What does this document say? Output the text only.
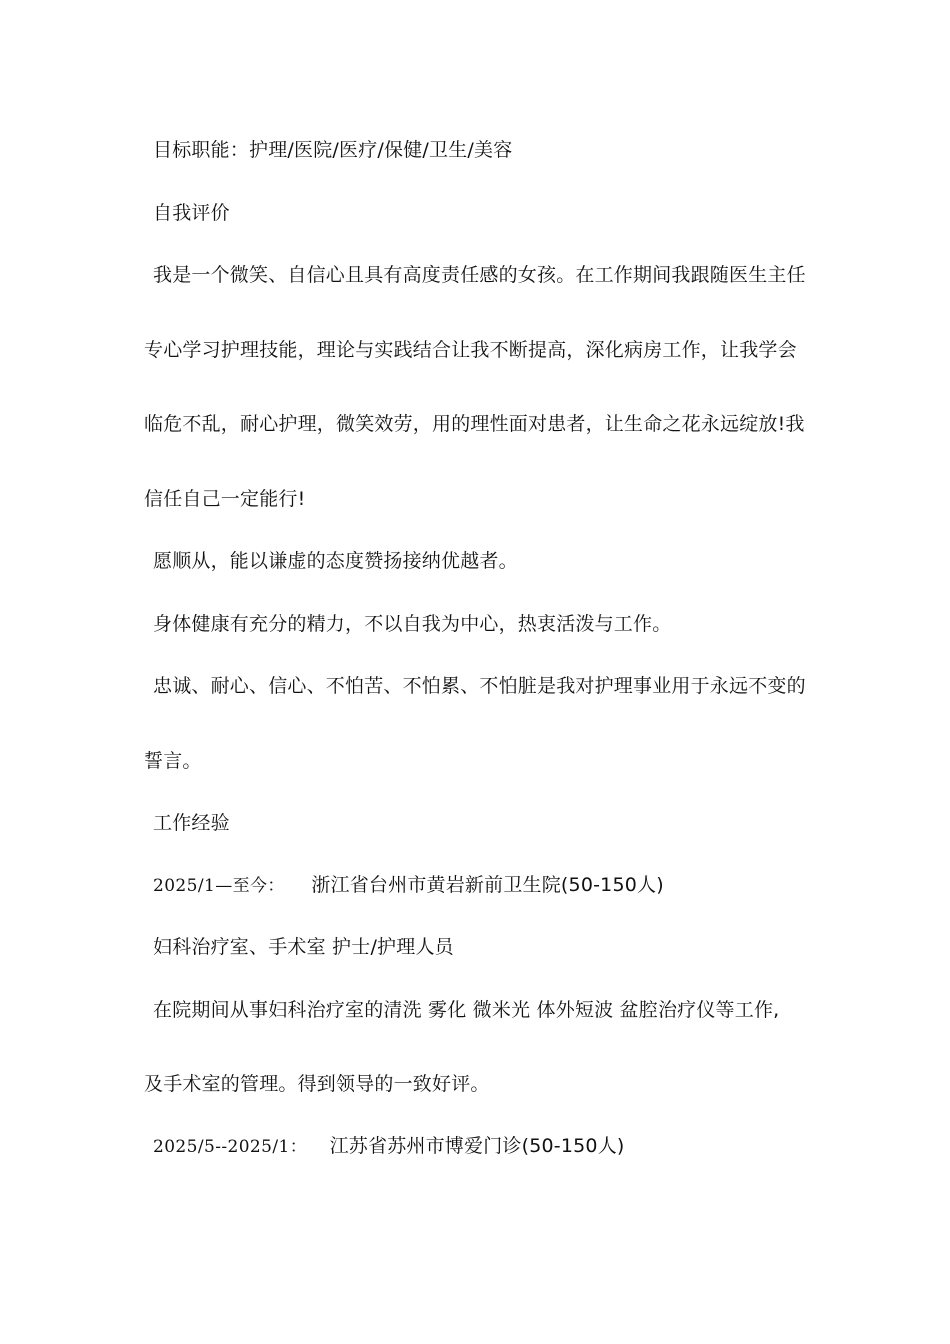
目标职能：护理/医院/医疗/保健/卫生/美容

自我评价

我是一个微笑、自信心且具有高度责任感的女孩。在工作期间我跟随医生主任

专心学习护理技能，理论与实践结合让我不断提高，深化病房工作，让我学会

临危不乱，耐心护理，微笑效劳，用的理性面对患者，让生命之花永远绽放!我

信任自己一定能行!

愿顺从，能以谦虚的态度赞扬接纳优越者。

身体健康有充分的精力，不以自我为中心，热衷活泼与工作。

忠诚、耐心、信心、不怕苦、不怕累、不怕脏是我对护理事业用于永远不变的

誓言。

工作经验

2025/1—至今： 浙江省台州市黄岩新前卫生院(50-150人)

妇科治疗室、手术室 护士/护理人员

在院期间从事妇科治疗室的清洗 雾化 微米光 体外短波 盆腔治疗仪等工作,

及手术室的管理。得到领导的一致好评。

2025/5--2025/1： 江苏省苏州市博爱门诊(50-150人)
